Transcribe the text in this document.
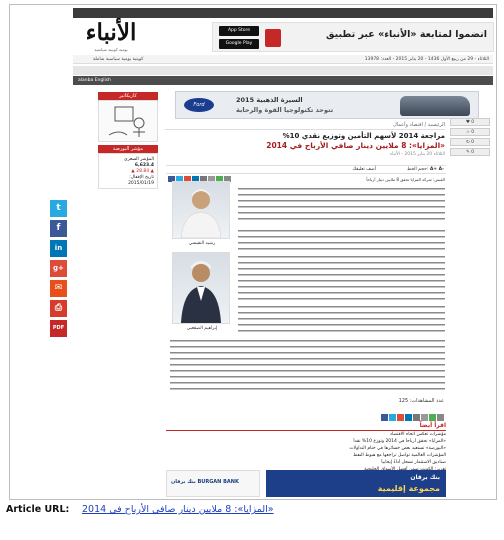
الأنباء
يومية كويتية سياسية
App Store
Google Play
انضموا لمتابعة «الأنباء» عبر تطبيق
كويتية يومية سياسية شاملة	الثلاثاء - 29 من ربيع الأول 1436 - 20 يناير 2015 - العدد: 13978

alanba English
كاريكاتير
مؤشر البورصة
المؤشر السعري
6,623.4
▲ 28.84 ▲
تاريخ الإقفال: 2015/01/19
t
f
in
g+
✉
⎙
PDF
Ford
السيرة الذهبية 2015
تتوحد تكنولوجيا القوة والرحابة
♥ 0
☆ 0
↻ 0
✎ 0
الرئيسية / اقتصاد وأعمال
مراجعة 2014 لأسهم التأمين وتوزيع نقدي 10%
«المزايا»: 8 ملايين دينار صافي الأرباح في 2014
الثلاثاء 20 يناير 2015 - الأنباء
أضف تعليقك	حجم الخط: A+ A-
القبس: شركة المزايا تحقق 8 ملايين دينار أرباحاً
رشيد النفيسي
إبراهيم الصقعبي
عدد المشاهدات: 125
اقرأ أيضاً
مؤشرات تعكس اتجاه الاقتصاد
«المزايا» تحقق أرباحاً في 2014 وتوزع 10% نقداً
«البورصة» تستعيد بعض خسائرها في ختام التداولات
المؤشرات العالمية تواصل تراجعها مع هبوط النفط
صناديق الاستثمار تسجل أداءً إيجابياً
بنك برقان BURGAN BANK
بنك برقان
مجموعة إقليمية
Article URL: «المزايا»: 8 ملايين دينار صافي الأرباح في 2014
